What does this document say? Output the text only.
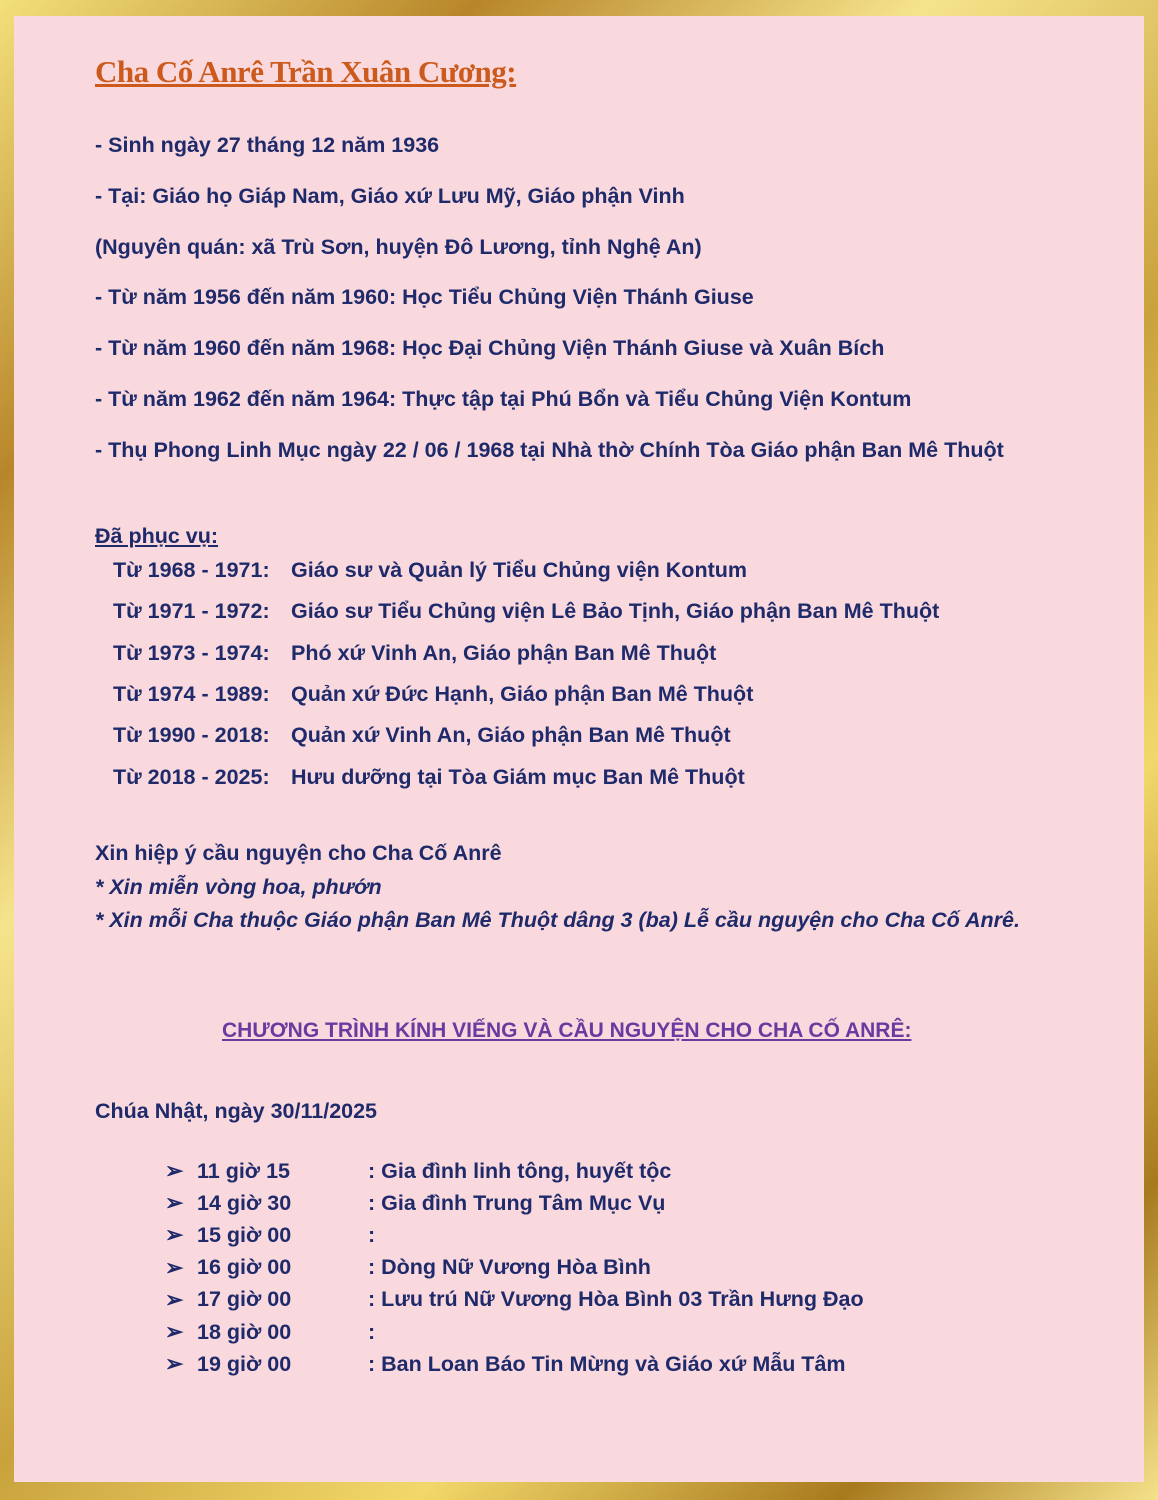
Cha Cố Anrê Trần Xuân Cương:
- Sinh ngày 27 tháng 12 năm 1936
- Tại: Giáo họ Giáp Nam, Giáo xứ Lưu Mỹ, Giáo phận Vinh
(Nguyên quán: xã Trù Sơn, huyện Đô Lương, tỉnh Nghệ An)
- Từ năm 1956 đến năm 1960: Học Tiểu Chủng Viện Thánh Giuse
- Từ năm 1960 đến năm 1968: Học Đại Chủng Viện Thánh Giuse và Xuân Bích
- Từ năm 1962 đến năm 1964: Thực tập tại Phú Bổn và Tiểu Chủng Viện Kontum
- Thụ Phong Linh Mục ngày 22 / 06 / 1968 tại Nhà thờ Chính Tòa Giáo phận Ban Mê Thuột
Đã phục vụ:
Từ 1968 - 1971: Giáo sư và Quản lý Tiểu Chủng viện Kontum
Từ 1971 - 1972: Giáo sư Tiểu Chủng viện Lê Bảo Tịnh, Giáo phận Ban Mê Thuột
Từ 1973 - 1974: Phó xứ Vinh An, Giáo phận Ban Mê Thuột
Từ 1974 - 1989: Quản xứ Đức Hạnh, Giáo phận Ban Mê Thuột
Từ 1990 - 2018: Quản xứ Vinh An, Giáo phận Ban Mê Thuột
Từ 2018 - 2025: Hưu dưỡng tại Tòa Giám mục Ban Mê Thuột
Xin hiệp ý cầu nguyện cho Cha Cố Anrê
* Xin miễn vòng hoa, phướn
* Xin mỗi Cha thuộc Giáo phận Ban Mê Thuột dâng 3 (ba) Lễ cầu nguyện cho Cha Cố Anrê.
CHƯƠNG TRÌNH KÍNH VIẾNG VÀ CẦU NGUYỆN CHO CHA CỐ ANRÊ:
Chúa Nhật, ngày 30/11/2025
➢ 11 giờ 15	: Gia đình linh tông, huyết tộc
➢ 14 giờ 30	: Gia đình Trung Tâm Mục Vụ
➢ 15 giờ 00	:
➢ 16 giờ 00	: Dòng Nữ Vương Hòa Bình
➢ 17 giờ 00	: Lưu trú Nữ Vương Hòa Bình 03 Trần Hưng Đạo
➢ 18 giờ 00	:
➢ 19 giờ 00	: Ban Loan Báo Tin Mừng và Giáo xứ Mẫu Tâm
